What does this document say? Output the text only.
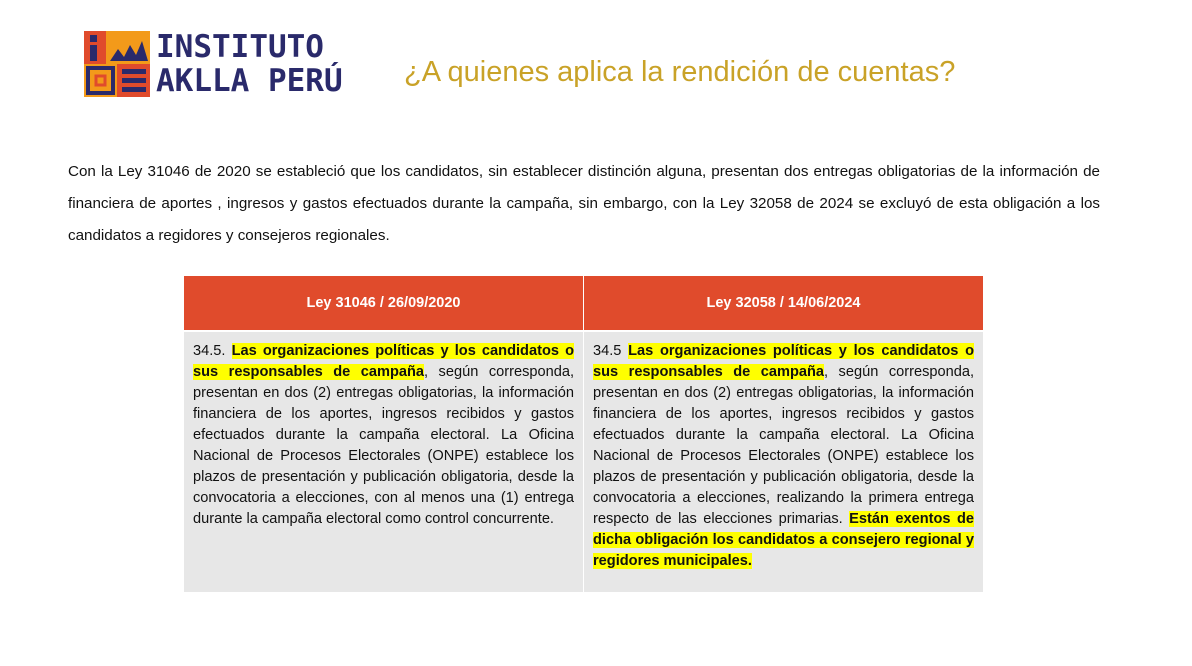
INSTITUTO
AKLLA PERÚ ¿A quienes aplica la rendición de cuentas?
Con la Ley 31046 de 2020 se estableció que los candidatos, sin establecer distinción alguna, presentan dos entregas obligatorias de la información de financiera de aportes , ingresos y gastos efectuados durante la campaña, sin embargo, con la Ley 32058 de 2024 se excluyó de esta obligación a los candidatos a regidores y consejeros regionales.
Ley 31046 / 26/09/2020
34.5. Las organizaciones políticas y los candidatos o sus responsables de campaña, según corresponda, presentan en dos (2) entregas obligatorias, la información financiera de los aportes, ingresos recibidos y gastos efectuados durante la campaña electoral. La Oficina Nacional de Procesos Electorales (ONPE) establece los plazos de presentación y publicación obligatoria, desde la convocatoria a elecciones, con al menos una (1) entrega durante la campaña electoral como control concurrente.
Ley 32058 / 14/06/2024
34.5 Las organizaciones políticas y los candidatos o sus responsables de campaña, según corresponda, presentan en dos (2) entregas obligatorias, la información financiera de los aportes, ingresos recibidos y gastos efectuados durante la campaña electoral. La Oficina Nacional de Procesos Electorales (ONPE) establece los plazos de presentación y publicación obligatoria, desde la convocatoria a elecciones, realizando la primera entrega respecto de las elecciones primarias. Están exentos de dicha obligación los candidatos a consejero regional y regidores municipales.
